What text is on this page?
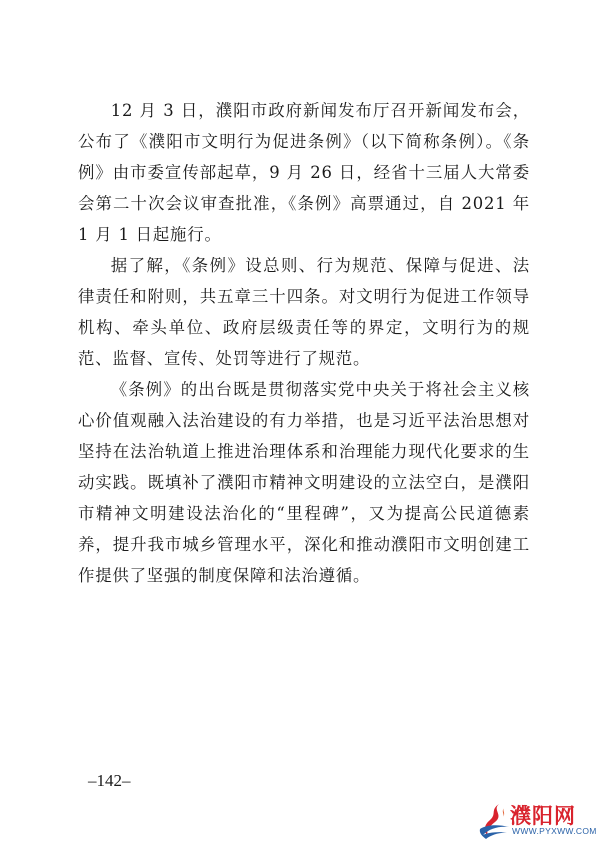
12 月 3 日，濮阳市政府新闻发布厅召开新闻发布会，公布了《濮阳市文明行为促进条例》（以下简称条例）。《条例》由市委宣传部起草，9 月 26 日，经省十三届人大常委会第二十次会议审查批准，《条例》高票通过，自 2021 年 1 月 1 日起施行。

据了解，《条例》设总则、行为规范、保障与促进、法律责任和附则，共五章三十四条。对文明行为促进工作领导机构、牵头单位、政府层级责任等的界定，文明行为的规范、监督、宣传、处罚等进行了规范。

《条例》的出台既是贯彻落实党中央关于将社会主义核心价值观融入法治建设的有力举措，也是习近平法治思想对坚持在法治轨道上推进治理体系和治理能力现代化要求的生动实践。既填补了濮阳市精神文明建设的立法空白，是濮阳市精神文明建设法治化的“里程碑”，又为提高公民道德素养，提升我市城乡管理水平，深化和推动濮阳市文明创建工作提供了坚强的制度保障和法治遵循。

–142–
濮阳网
WWW.PYXWW.COM
